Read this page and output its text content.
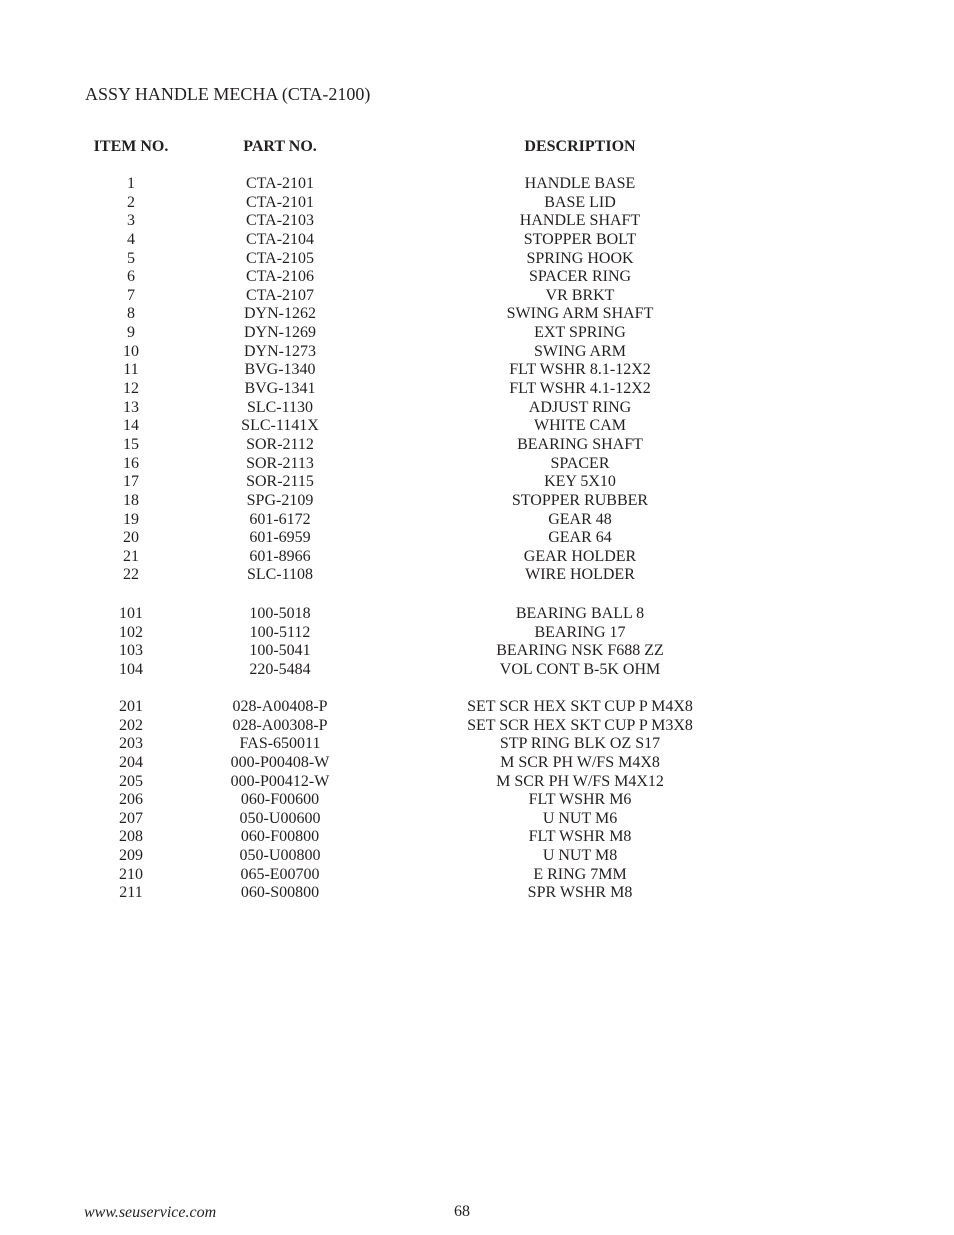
ASSY HANDLE MECHA (CTA-2100)
ITEM NO.	PART NO.	DESCRIPTION
1	CTA-2101	HANDLE BASE
2	CTA-2101	BASE LID
3	CTA-2103	HANDLE SHAFT
4	CTA-2104	STOPPER BOLT
5	CTA-2105	SPRING HOOK
6	CTA-2106	SPACER RING
7	CTA-2107	VR BRKT
8	DYN-1262	SWING ARM SHAFT
9	DYN-1269	EXT SPRING
10	DYN-1273	SWING ARM
11	BVG-1340	FLT WSHR 8.1-12X2
12	BVG-1341	FLT WSHR 4.1-12X2
13	SLC-1130	ADJUST RING
14	SLC-1141X	WHITE CAM
15	SOR-2112	BEARING SHAFT
16	SOR-2113	SPACER
17	SOR-2115	KEY 5X10
18	SPG-2109	STOPPER RUBBER
19	601-6172	GEAR 48
20	601-6959	GEAR 64
21	601-8966	GEAR HOLDER
22	SLC-1108	WIRE HOLDER
101	100-5018	BEARING BALL 8
102	100-5112	BEARING 17
103	100-5041	BEARING NSK F688 ZZ
104	220-5484	VOL CONT B-5K OHM
201	028-A00408-P	SET SCR HEX SKT CUP P M4X8
202	028-A00308-P	SET SCR HEX SKT CUP P M3X8
203	FAS-650011	STP RING BLK OZ S17
204	000-P00408-W	M SCR PH W/FS M4X8
205	000-P00412-W	M SCR PH W/FS M4X12
206	060-F00600	FLT WSHR M6
207	050-U00600	U NUT M6
208	060-F00800	FLT WSHR M8
209	050-U00800	U NUT M8
210	065-E00700	E RING 7MM
211	060-S00800	SPR WSHR M8
www.seuservice.com	68
